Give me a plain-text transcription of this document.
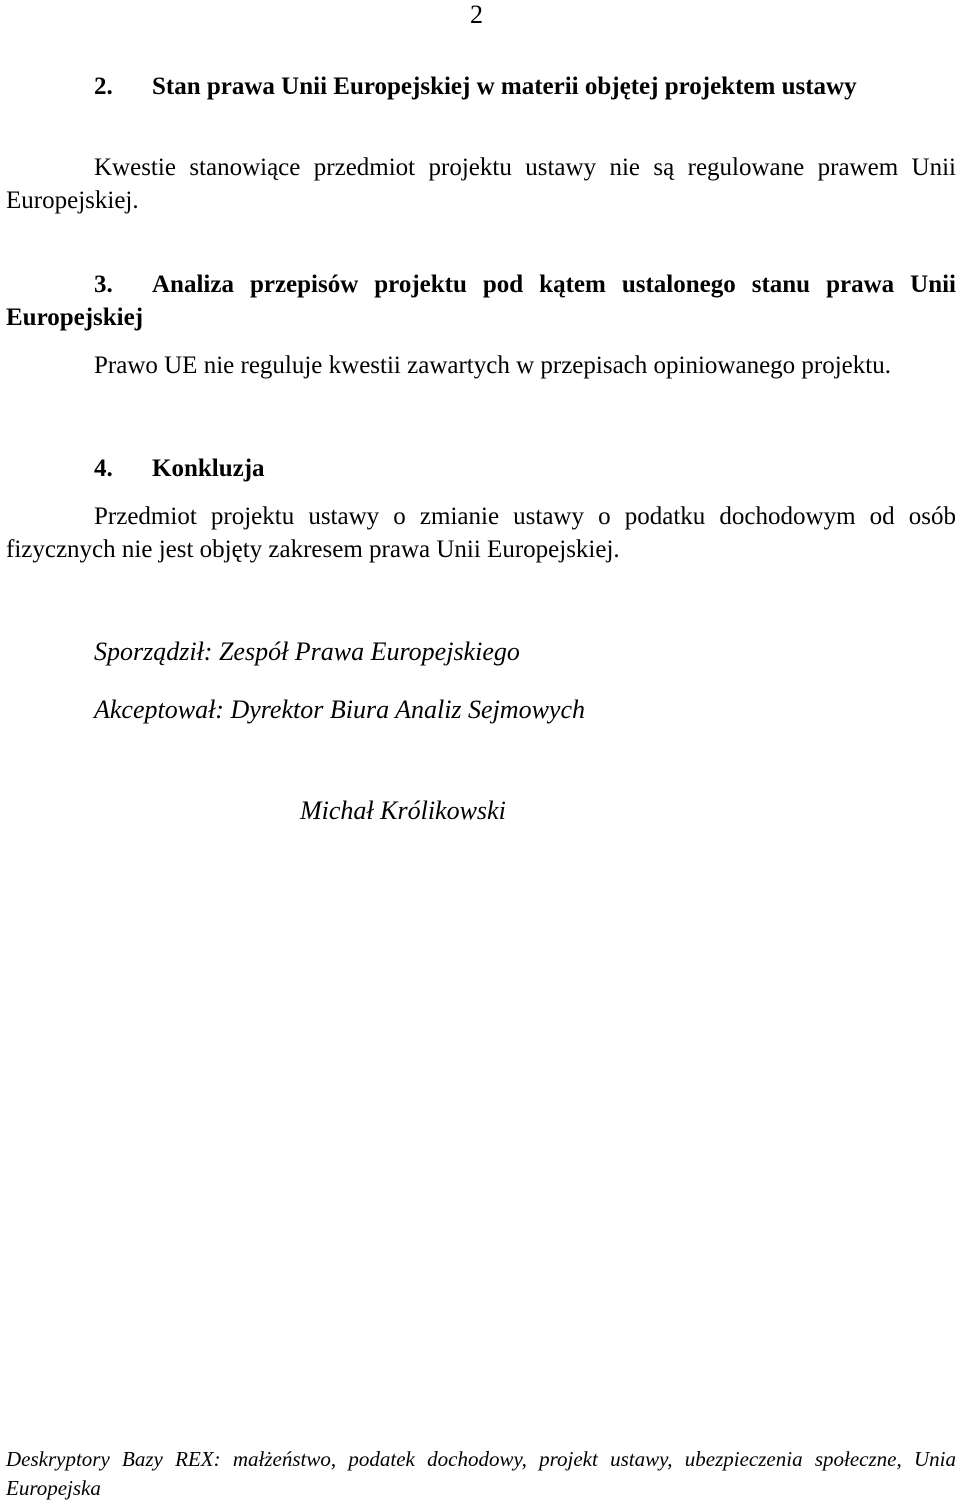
2

2. Stan prawa Unii Europejskiej w materii objętej projektem ustawy

Kwestie stanowiące przedmiot projektu ustawy nie są regulowane prawem Unii Europejskiej.

3. Analiza przepisów projektu pod kątem ustalonego stanu prawa Unii Europejskiej

Prawo UE nie reguluje kwestii zawartych w przepisach opiniowanego projektu.

4. Konkluzja

Przedmiot projektu ustawy o zmianie ustawy o podatku dochodowym od osób fizycznych nie jest objęty zakresem prawa Unii Europejskiej.

Sporządził: Zespół Prawa Europejskiego

Akceptował: Dyrektor Biura Analiz Sejmowych

Michał Królikowski

Deskryptory Bazy REX: małżeństwo, podatek dochodowy, projekt ustawy, ubezpieczenia społeczne, Unia Europejska
